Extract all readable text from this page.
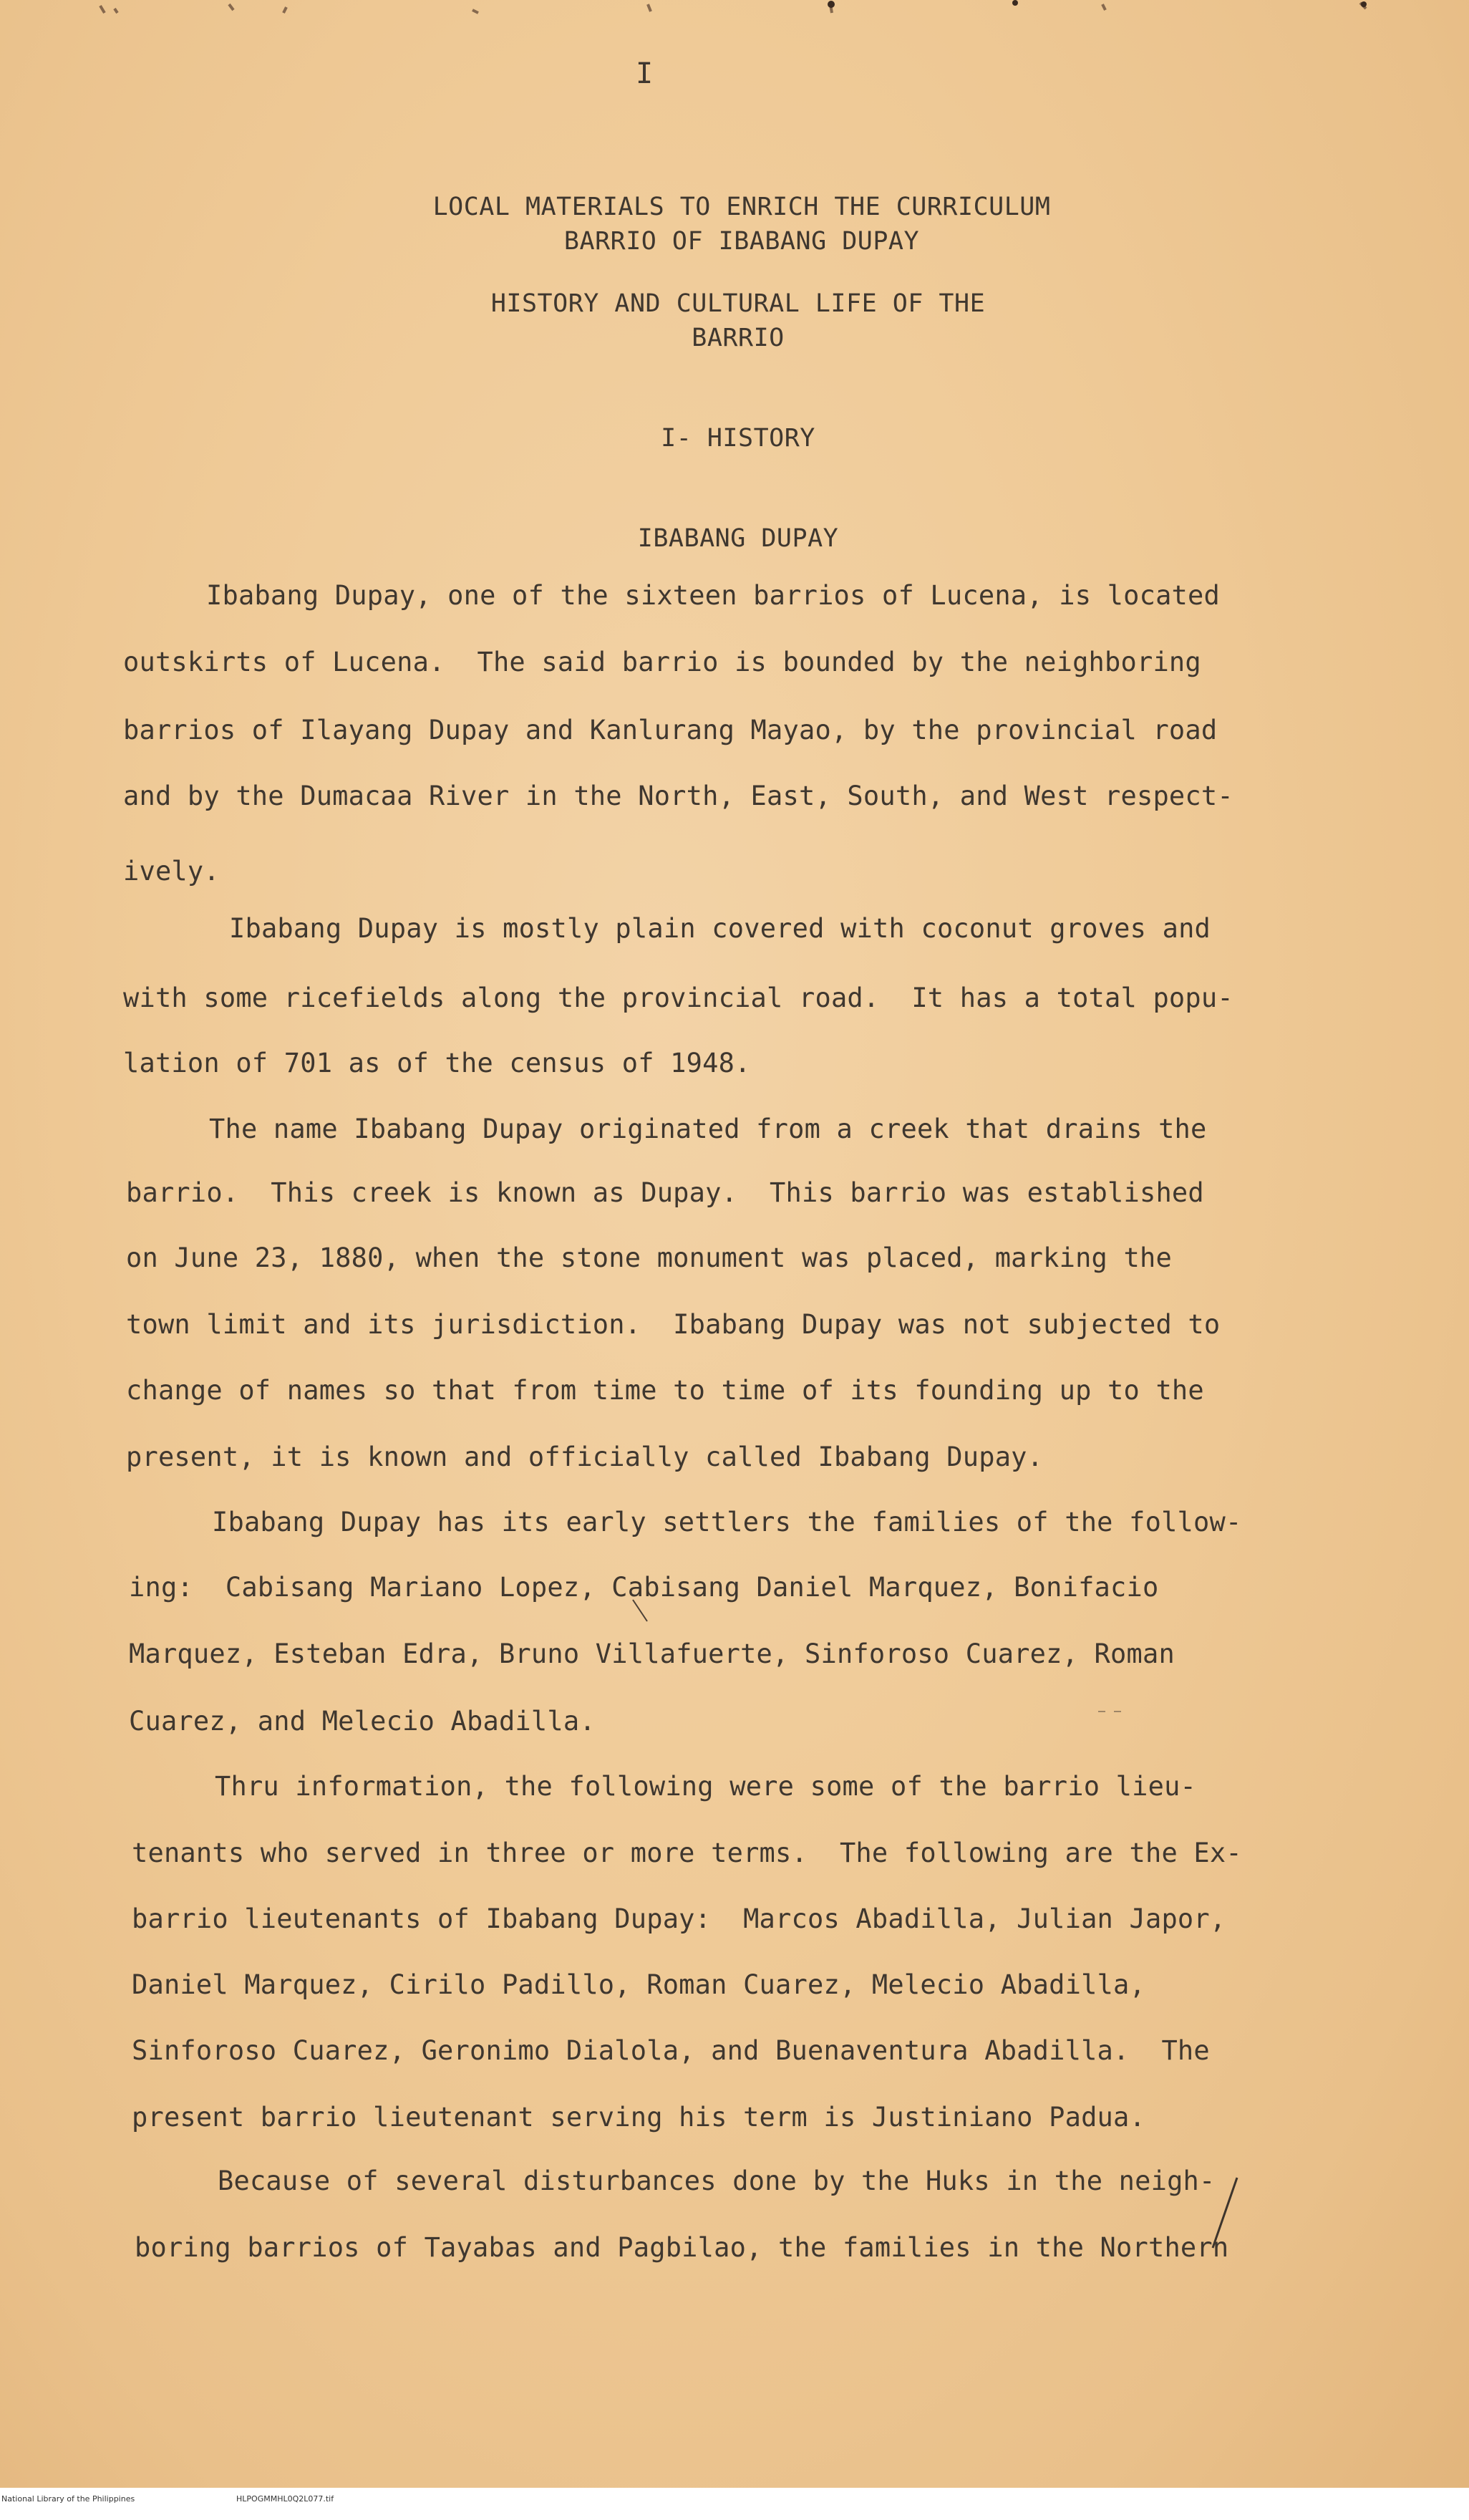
I
LOCAL MATERIALS TO ENRICH THE CURRICULUM
BARRIO OF IBABANG DUPAY
HISTORY AND CULTURAL LIFE OF THE
BARRIO
I- HISTORY
IBABANG DUPAY
Ibabang Dupay, one of the sixteen barrios of Lucena, is located
outskirts of Lucena.  The said barrio is bounded by the neighboring
barrios of Ilayang Dupay and Kanlurang Mayao, by the provincial road
and by the Dumacaa River in the North, East, South, and West respect-
ively.
Ibabang Dupay is mostly plain covered with coconut groves and
with some ricefields along the provincial road.  It has a total popu-
lation of 701 as of the census of 1948.
The name Ibabang Dupay originated from a creek that drains the
barrio.  This creek is known as Dupay.  This barrio was established
on June 23, 1880, when the stone monument was placed, marking the
town limit and its jurisdiction.  Ibabang Dupay was not subjected to
change of names so that from time to time of its founding up to the
present, it is known and officially called Ibabang Dupay.
Ibabang Dupay has its early settlers the families of the follow-
ing:  Cabisang Mariano Lopez, Cabisang Daniel Marquez, Bonifacio
Marquez, Esteban Edra, Bruno Villafuerte, Sinforoso Cuarez, Roman
Cuarez, and Melecio Abadilla.
Thru information, the following were some of the barrio lieu-
tenants who served in three or more terms.  The following are the Ex-
barrio lieutenants of Ibabang Dupay:  Marcos Abadilla, Julian Japor,
Daniel Marquez, Cirilo Padillo, Roman Cuarez, Melecio Abadilla,
Sinforoso Cuarez, Geronimo Dialola, and Buenaventura Abadilla.  The
present barrio lieutenant serving his term is Justiniano Padua.
Because of several disturbances done by the Huks in the neigh-
boring barrios of Tayabas and Pagbilao, the families in the Northern

National Library of the Philippines

	HLPOGMMHL0Q2L077.tif
